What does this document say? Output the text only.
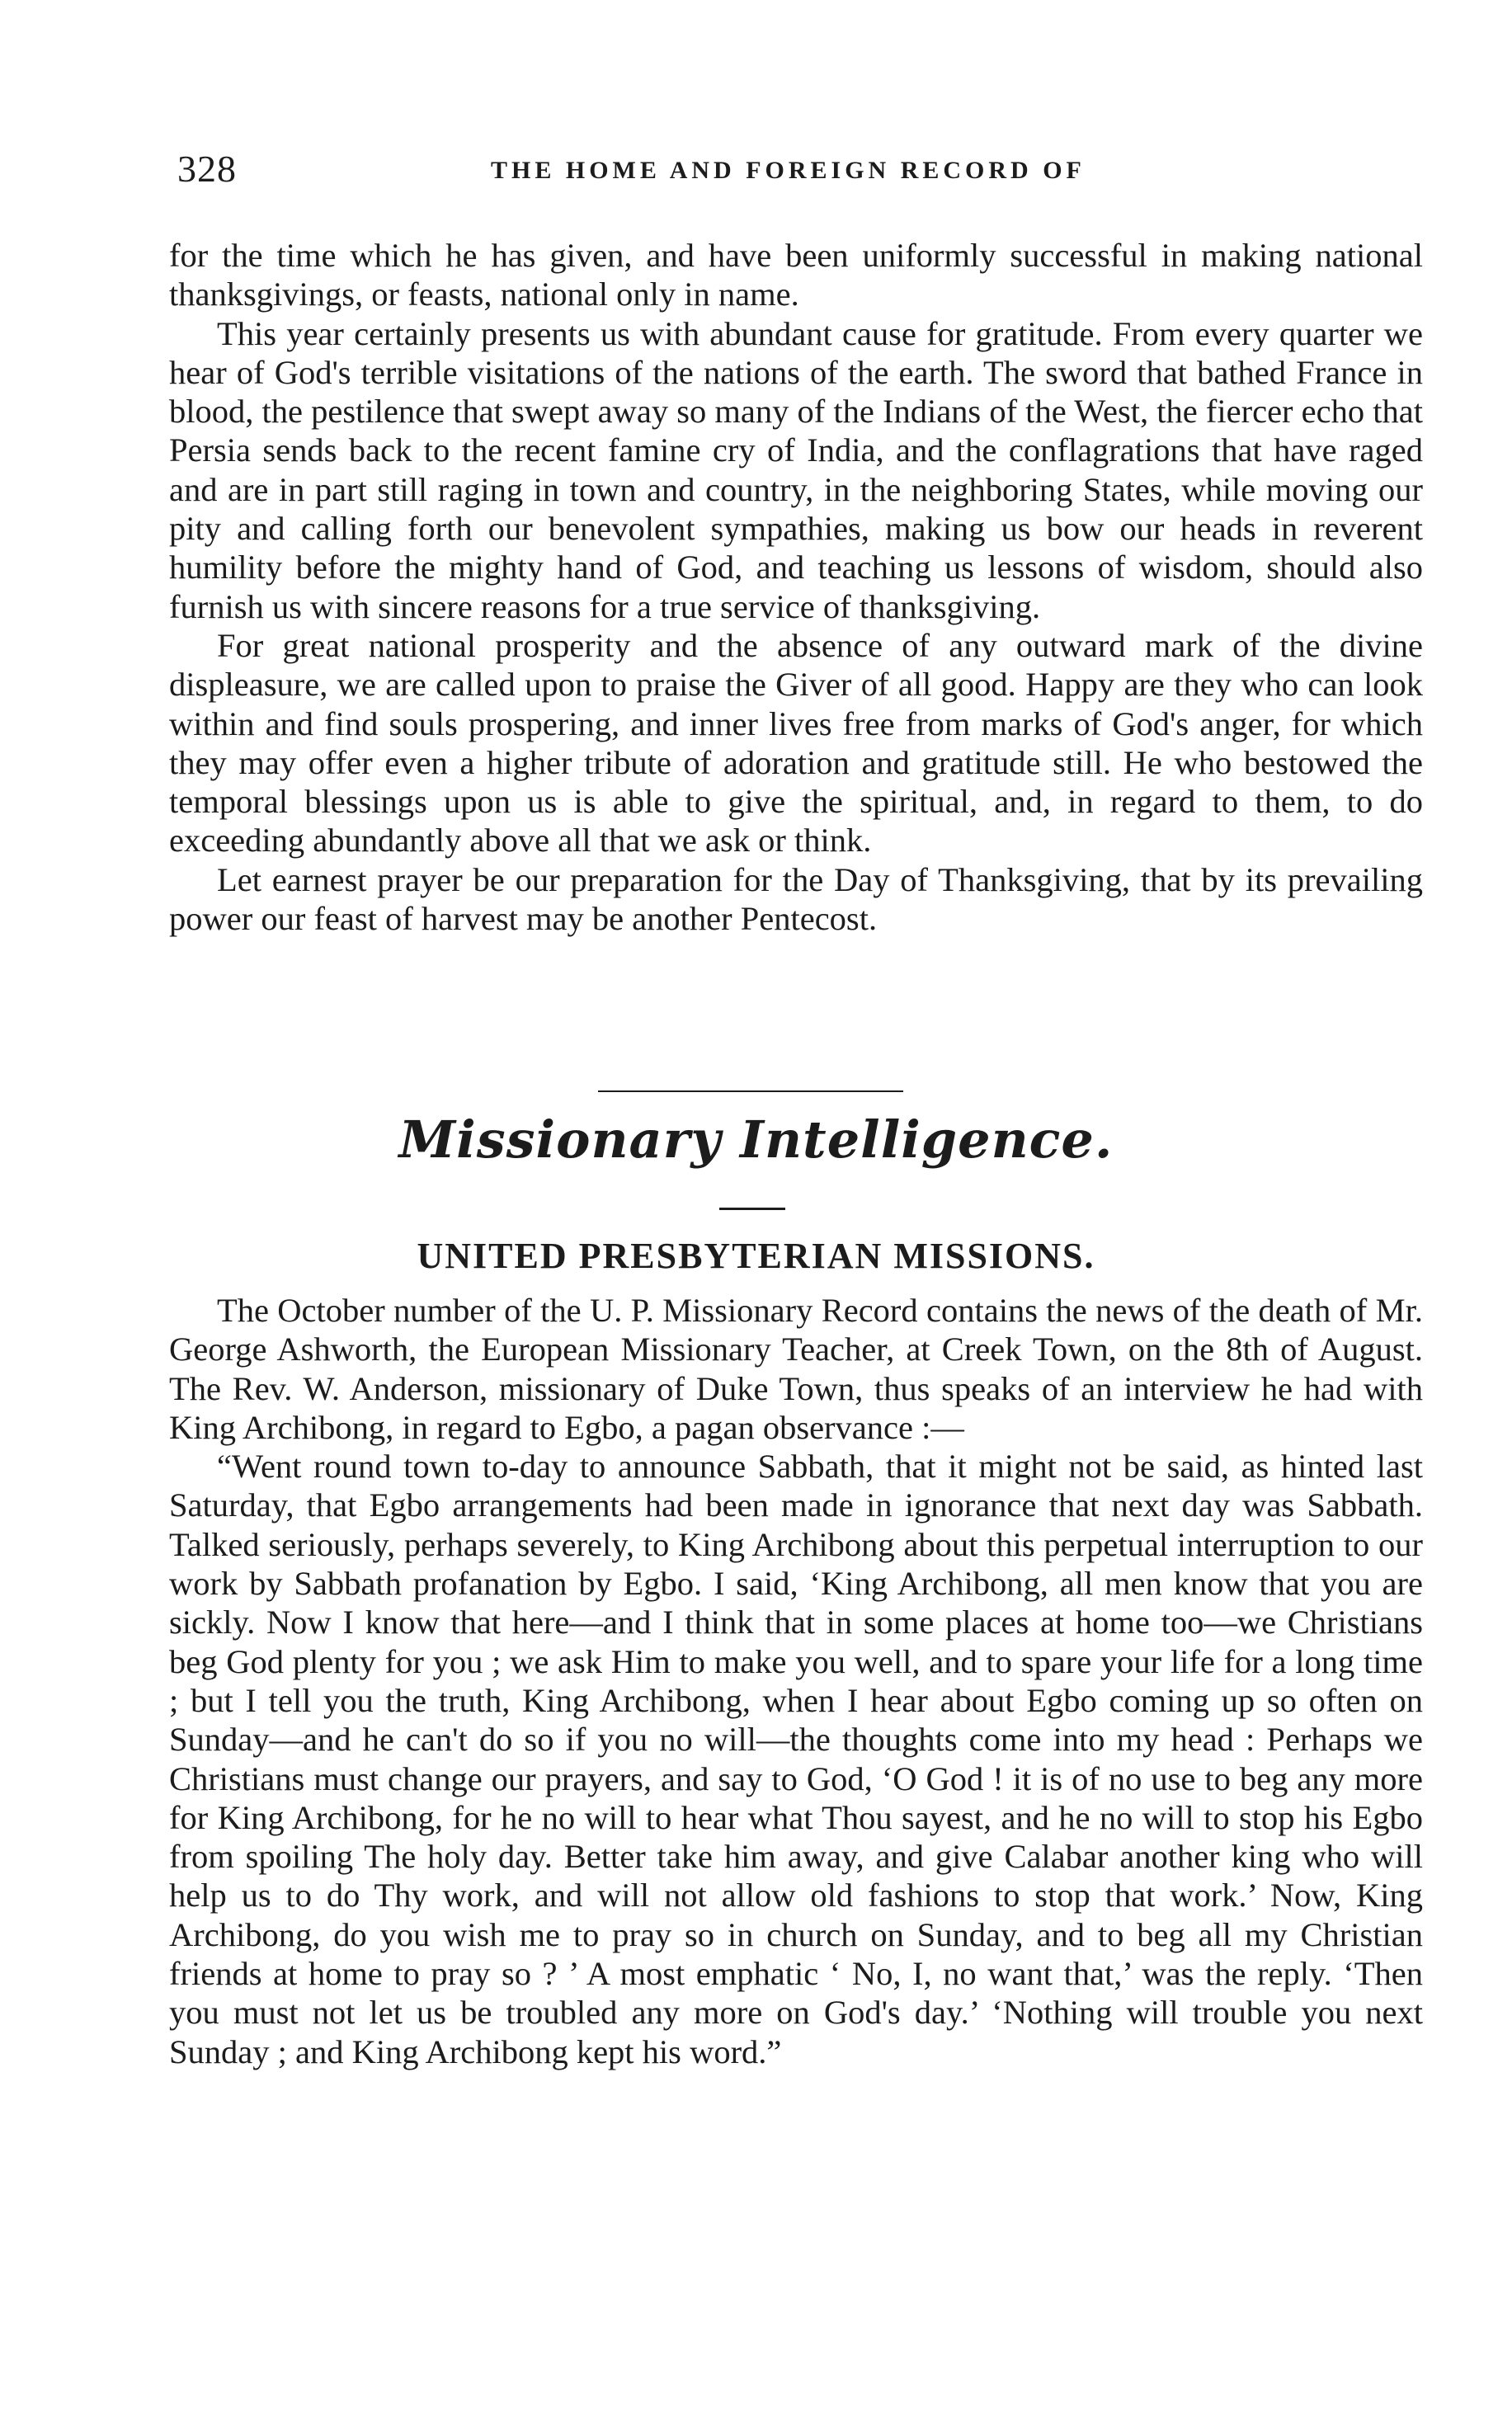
328	THE HOME AND FOREIGN RECORD OF

for the time which he has given, and have been uniformly successful in making national thanksgivings, or feasts, national only in name.

This year certainly presents us with abundant cause for gratitude. From every quarter we hear of God's terrible visitations of the nations of the earth. The sword that bathed France in blood, the pestilence that swept away so many of the Indians of the West, the fiercer echo that Persia sends back to the recent famine cry of India, and the conflagrations that have raged and are in part still raging in town and country, in the neighboring States, while moving our pity and calling forth our benevolent sympathies, making us bow our heads in reverent humility before the mighty hand of God, and teaching us lessons of wisdom, should also furnish us with sincere reasons for a true service of thanksgiving.

For great national prosperity and the absence of any outward mark of the divine displeasure, we are called upon to praise the Giver of all good. Happy are they who can look within and find souls prospering, and inner lives free from marks of God's anger, for which they may offer even a higher tribute of adoration and gratitude still. He who bestowed the temporal blessings upon us is able to give the spiritual, and, in regard to them, to do exceeding abundantly above all that we ask or think.

Let earnest prayer be our preparation for the Day of Thanksgiving, that by its prevailing power our feast of harvest may be another Pentecost.

Missionary Intelligence.
UNITED PRESBYTERIAN MISSIONS.

The October number of the U. P. Missionary Record contains the news of the death of Mr. George Ashworth, the European Missionary Teacher, at Creek Town, on the 8th of August. The Rev. W. Anderson, missionary of Duke Town, thus speaks of an interview he had with King Archibong, in regard to Egbo, a pagan observance :—

“Went round town to-day to announce Sabbath, that it might not be said, as hinted last Saturday, that Egbo arrangements had been made in ignorance that next day was Sabbath. Talked seriously, perhaps severely, to King Archibong about this perpetual interruption to our work by Sabbath profanation by Egbo. I said, ‘King Archibong, all men know that you are sickly. Now I know that here—and I think that in some places at home too—we Christians beg God plenty for you ; we ask Him to make you well, and to spare your life for a long time ; but I tell you the truth, King Archibong, when I hear about Egbo coming up so often on Sunday—and he can't do so if you no will—the thoughts come into my head : Perhaps we Christians must change our prayers, and say to God, ‘O God ! it is of no use to beg any more for King Archibong, for he no will to hear what Thou sayest, and he no will to stop his Egbo from spoiling The holy day. Better take him away, and give Calabar another king who will help us to do Thy work, and will not allow old fashions to stop that work.’ Now, King Archibong, do you wish me to pray so in church on Sunday, and to beg all my Christian friends at home to pray so ? ’ A most emphatic ‘ No, I, no want that,’ was the reply. ‘Then you must not let us be troubled any more on God's day.’ ‘Nothing will trouble you next Sunday ; and King Archibong kept his word.”
